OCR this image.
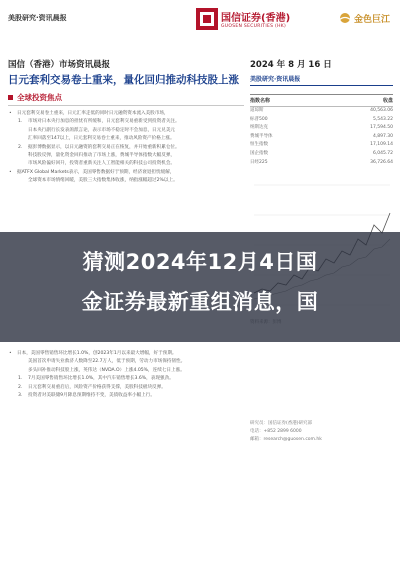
美股研究·资讯晨报	国信证券(香港)
GUOSEN SECURITIES (HK)
金色巨江
国信（香港）市场资讯晨报
日元套利交易卷土重来，量化回归推动科技股上涨
全球投资焦点
• 日元套利交易卷土重来，日元汇率走低的同时日元融资资本流入美股市场，
1. 市场对日本央行加息的担忧有所缓和，日元套利交易重新受到投资者关注。
日本央行副行长发表鸽派言论，表示市场不稳定时不会加息，日元兑美元
汇率回落至147以上，日元套利交易卷土重来，推动风险资产价格上涨。
2. 据彭博数据显示，以日元融资的套利交易正在恢复，并开始重新积累仓位。
科技股反弹，量化资金回归推动了市场上涨，费城半导体指数大幅反弹，
市场风险偏好回升，投资者重新关注人工智能相关的科技公司投资机会。
• 据ATFX Global Markets表示，美国零售数据好于预期，经济衰退担忧缓解，
全球资本市场情绪回暖，美股三大指数集体收涨，纳指涨幅超过2%以上。
2024 年 8 月 16 日
美股研究·资讯晨报
指数名称	收盘
道琼斯	40,563.06
标普500	5,543.22
纳斯达克	17,594.50
费城半导体	4,897.30
恒生指数	17,109.14
国企指数	6,045.72
日经225	36,726.64
研究员：国信证券(香港)研究部
电话：+852 2899 6000
邮箱：research@guosen.com.hk
• 日本，美国零售销售环比增长1.0%，创2023年1月以来最大增幅，好于预期。
美国首次申请失业救济人数降至22.7万人，低于预期，劳动力市场保持韧性。
多头回补推动科技股上涨，英伟达（NVDA.O）上涨4.05%，连续七日上涨。
1. 7月美国零售销售环比增长1.0%，其中汽车销售增长3.6%，表现强劲。
2. 日元套利交易重启后，风险资产价格获得支撑，美股科技板块反弹。
3. 投资者对美联储9月降息预期维持不变，美债收益率小幅上行。
猜测2024年12月4日国
金证券最新重组消息，国
